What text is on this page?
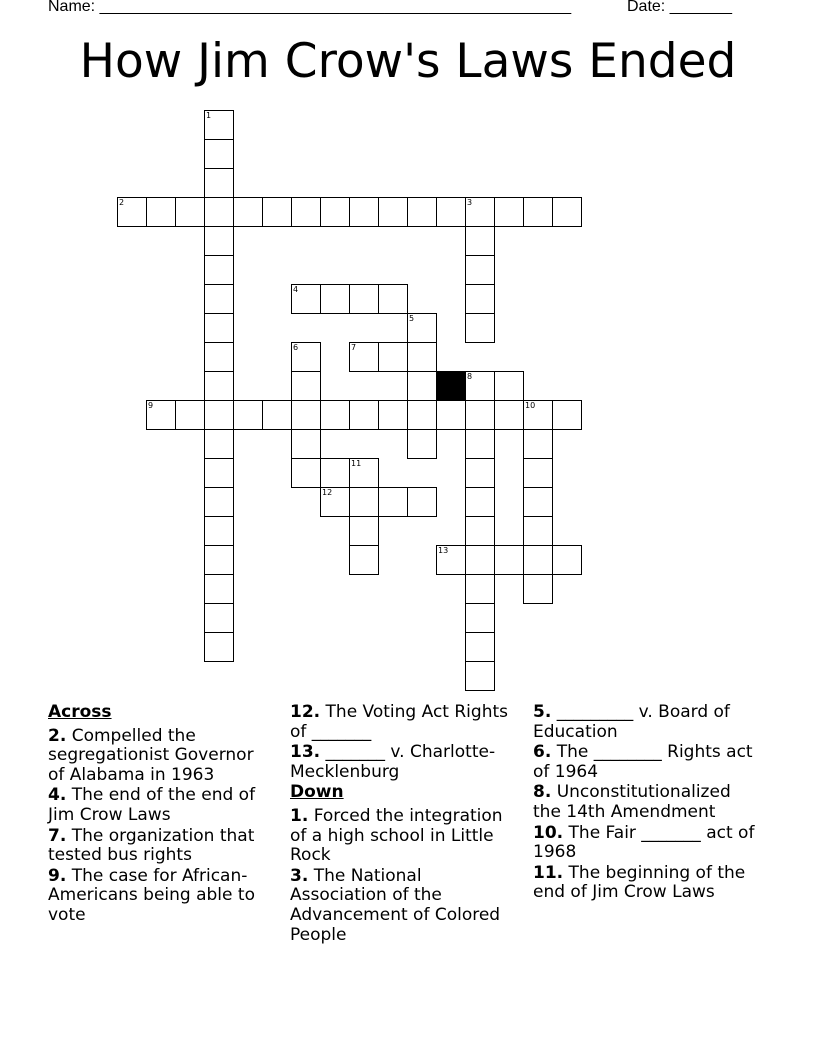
Name: _____________________________________________________	Date: _______
How Jim Crow's Laws Ended
1
2	3
4
5
6	7
8
9	10
11
12
13
Across
2. Compelled the segregationist Governor of Alabama in 1963
4. The end of the end of Jim Crow Laws
7. The organization that tested bus rights
9. The case for African-Americans being able to vote
12. The Voting Act Rights of _______
13. _______ v. Charlotte-Mecklenburg
Down
1. Forced the integration of a high school in Little Rock
3. The National Association of the Advancement of Colored People
5. _________ v. Board of Education
6. The ________ Rights act of 1964
8. Unconstitutionalized the 14th Amendment
10. The Fair _______ act of 1968
11. The beginning of the end of Jim Crow Laws
